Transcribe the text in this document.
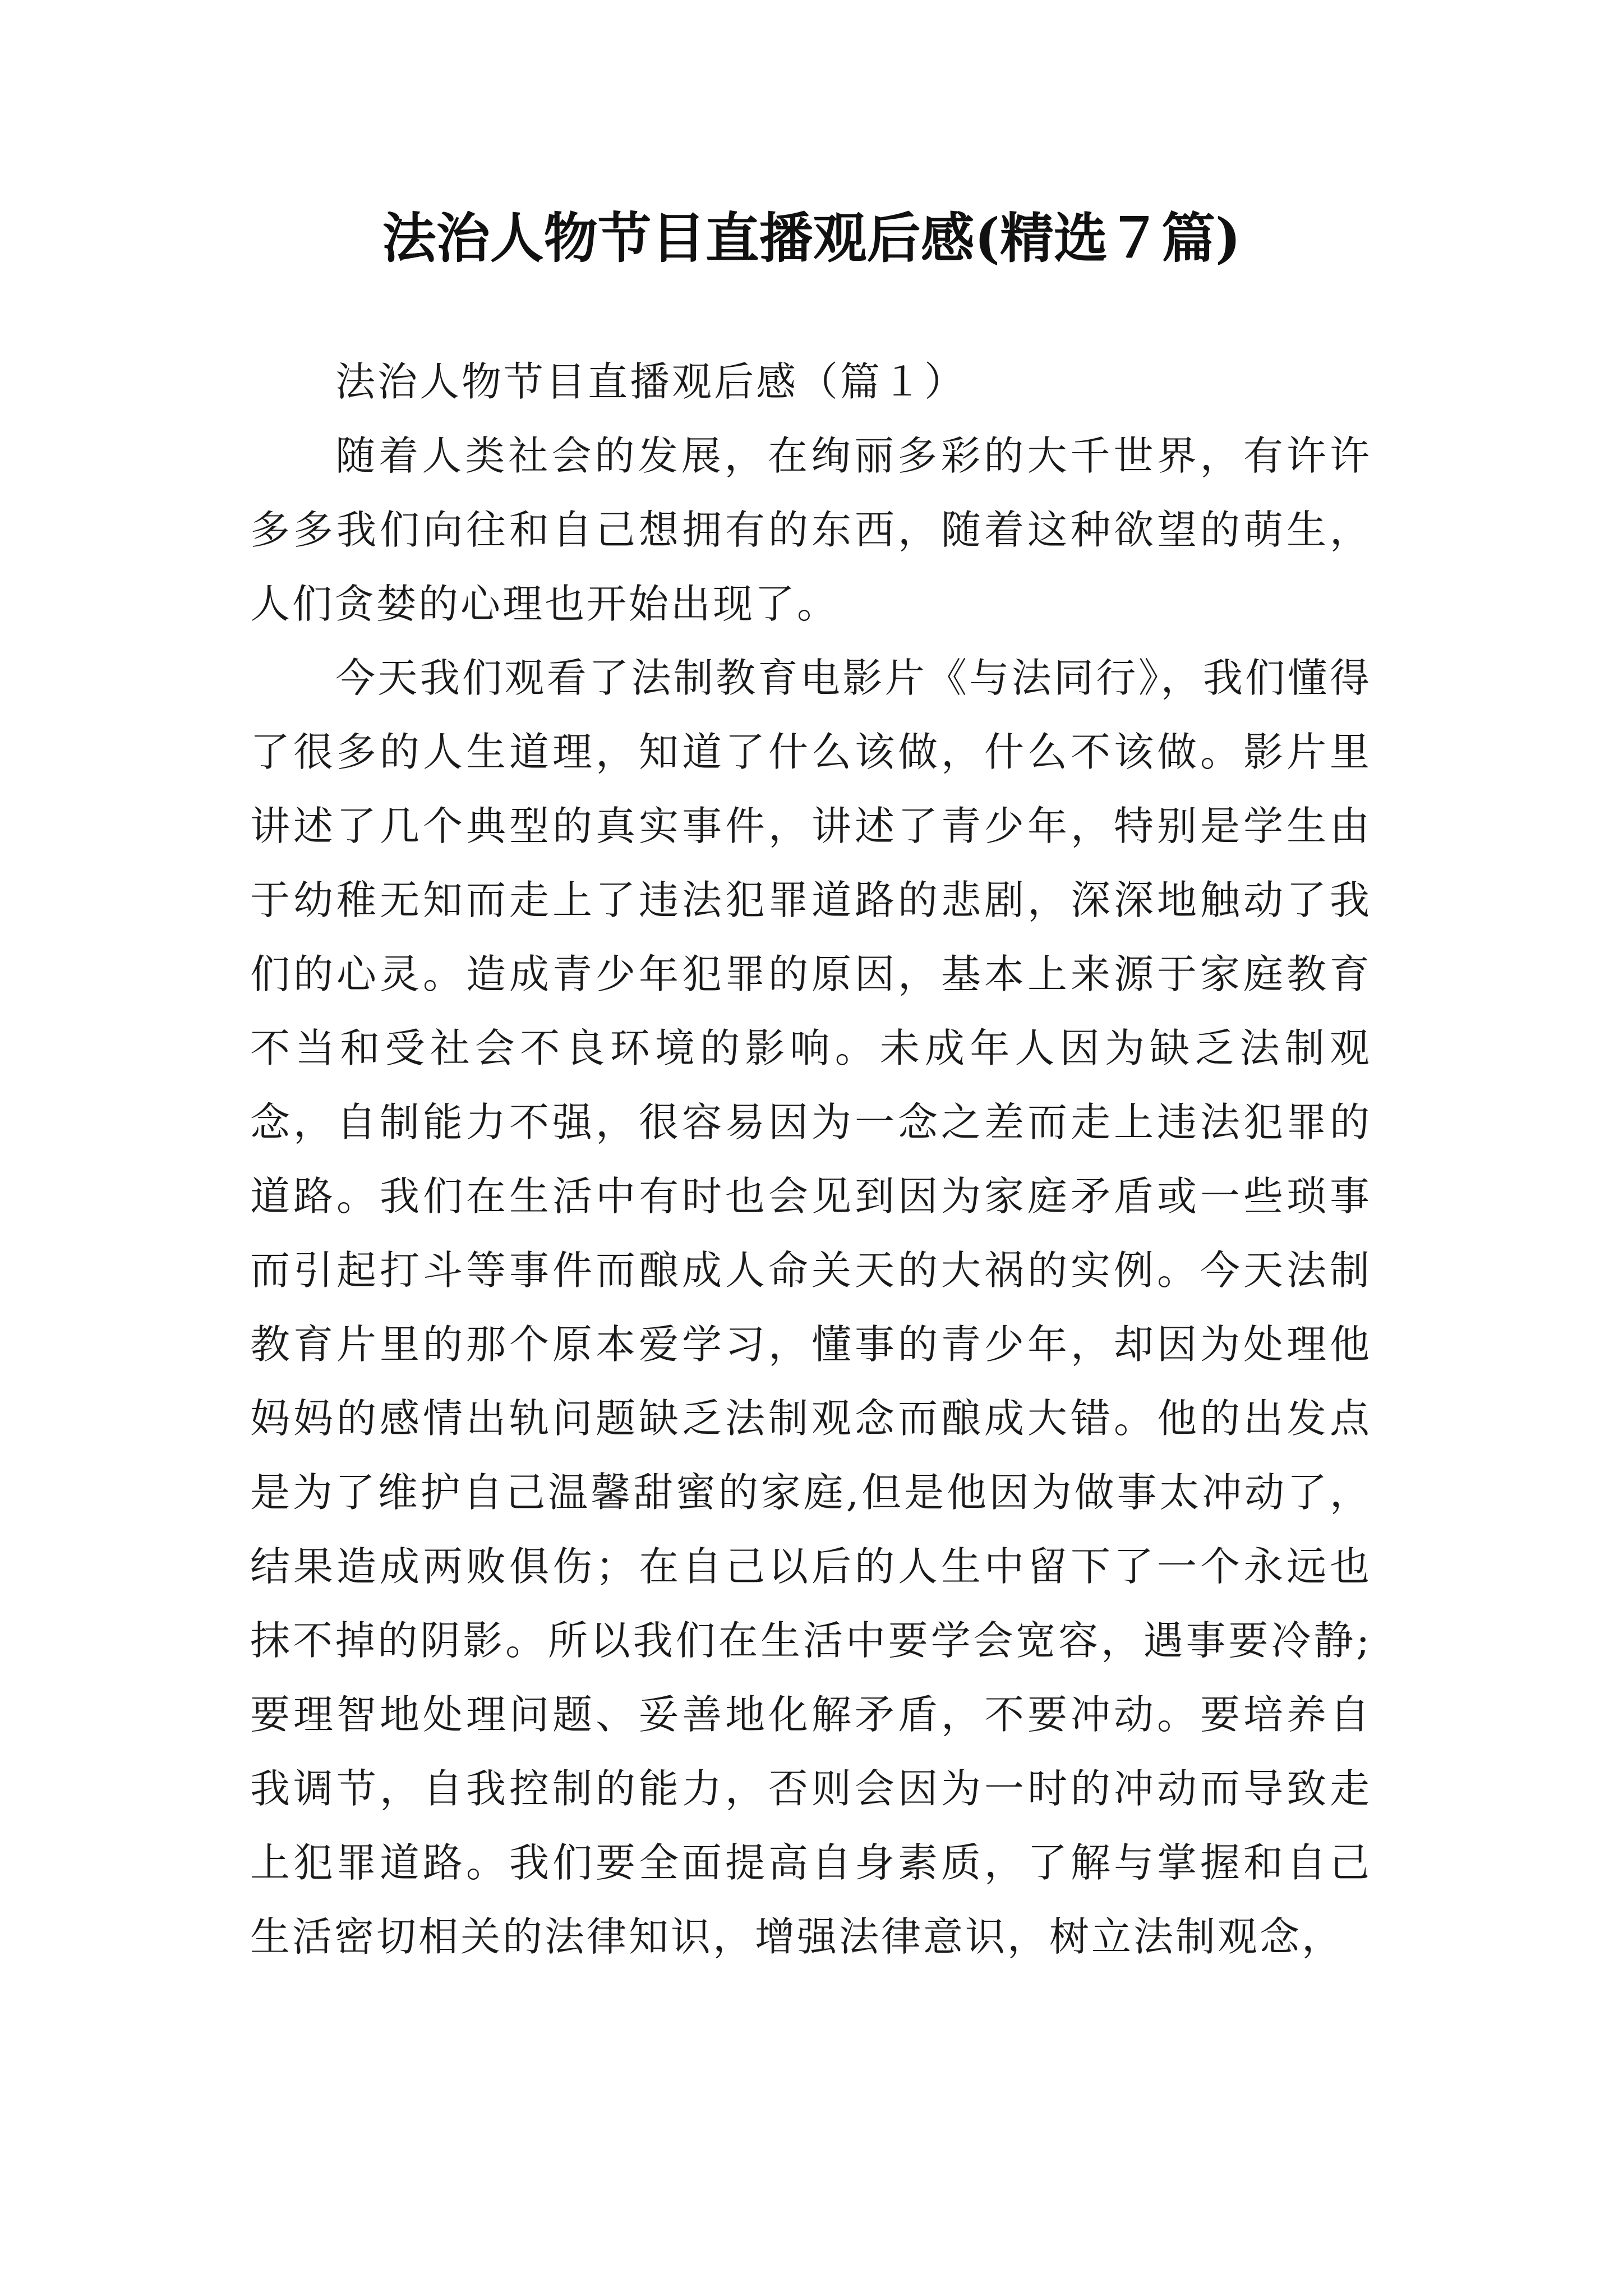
法治人物节目直播观后感(精选７篇)

法治人物节目直播观后感（篇１）

随着人类社会的发展，在绚丽多彩的大千世界，有许许多多我们向往和自己想拥有的东西，随着这种欲望的萌生，人们贪婪的心理也开始出现了。

今天我们观看了法制教育电影片《与法同行》，我们懂得了很多的人生道理，知道了什么该做，什么不该做。影片里讲述了几个典型的真实事件，讲述了青少年，特别是学生由于幼稚无知而走上了违法犯罪道路的悲剧，深深地触动了我们的心灵。造成青少年犯罪的原因，基本上来源于家庭教育不当和受社会不良环境的影响。未成年人因为缺乏法制观念，自制能力不强，很容易因为一念之差而走上违法犯罪的道路。我们在生活中有时也会见到因为家庭矛盾或一些琐事而引起打斗等事件而酿成人命关天的大祸的实例。今天法制教育片里的那个原本爱学习，懂事的青少年，却因为处理他妈妈的感情出轨问题缺乏法制观念而酿成大错。他的出发点是为了维护自己温馨甜蜜的家庭,但是他因为做事太冲动了，结果造成两败俱伤；在自己以后的人生中留下了一个永远也抹不掉的阴影。所以我们在生活中要学会宽容，遇事要冷静;要理智地处理问题、妥善地化解矛盾，不要冲动。要培养自我调节，自我控制的能力，否则会因为一时的冲动而导致走上犯罪道路。我们要全面提高自身素质，了解与掌握和自己生活密切相关的法律知识，增强法律意识，树立法制观念，
